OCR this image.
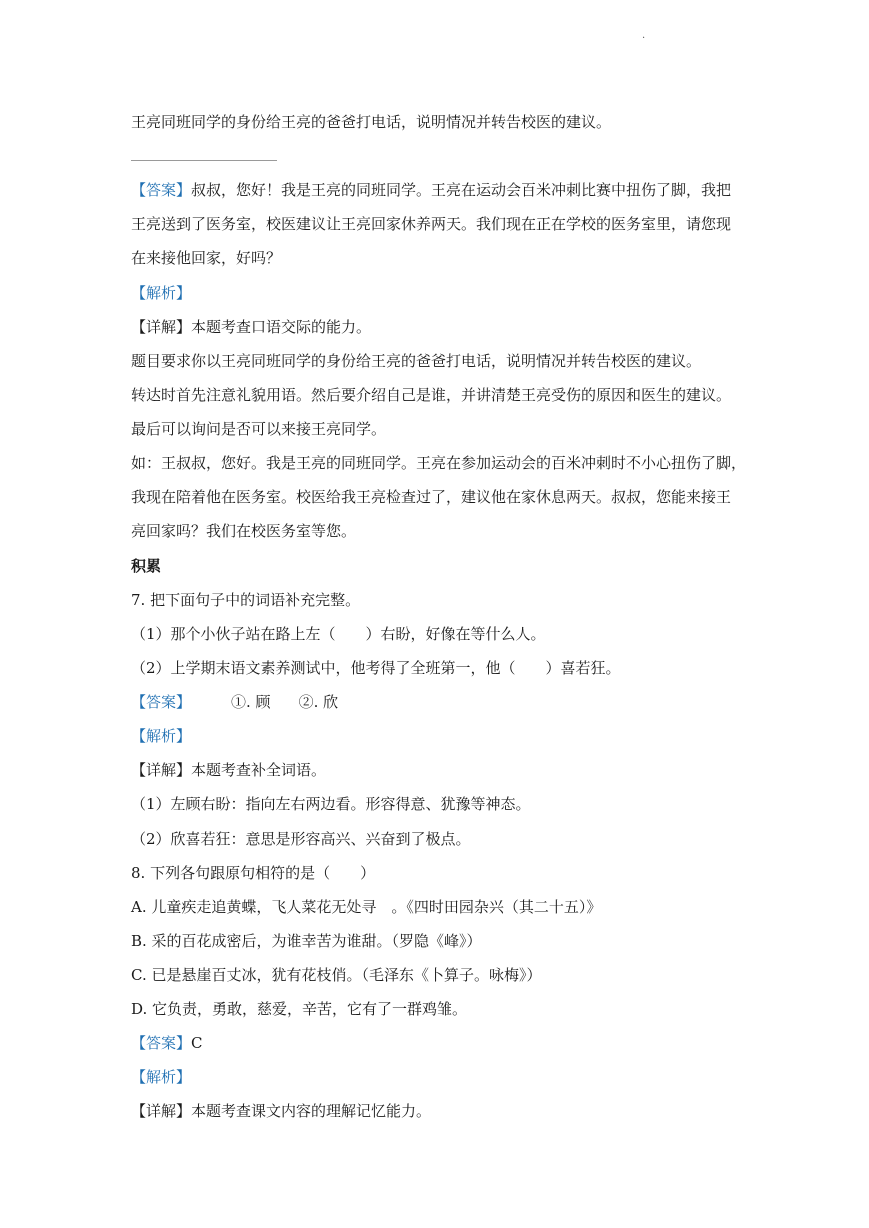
.
王亮同班同学的身份给王亮的爸爸打电话，说明情况并转告校医的建议。
【答案】叔叔，您好！我是王亮的同班同学。王亮在运动会百米冲刺比赛中扭伤了脚，我把
王亮送到了医务室，校医建议让王亮回家休养两天。我们现在正在学校的医务室里，请您现
在来接他回家，好吗？
【解析】
【详解】本题考查口语交际的能力。
题目要求你以王亮同班同学的身份给王亮的爸爸打电话，说明情况并转告校医的建议。
转达时首先注意礼貌用语。然后要介绍自己是谁，并讲清楚王亮受伤的原因和医生的建议。
最后可以询问是否可以来接王亮同学。
如：王叔叔，您好。我是王亮的同班同学。王亮在参加运动会的百米冲刺时不小心扭伤了脚，
我现在陪着他在医务室。校医给我王亮检查过了，建议他在家休息两天。叔叔，您能来接王
亮回家吗？我们在校医务室等您。
积累
7. 把下面句子中的词语补充完整。
（1）那个小伙子站在路上左（　　）右盼，好像在等什么人。
（2）上学期末语文素养测试中，他考得了全班第一，他（　　）喜若狂。
【答案】	①. 顾 ②. 欣
【解析】
【详解】本题考查补全词语。
（1）左顾右盼：指向左右两边看。形容得意、犹豫等神态。
（2）欣喜若狂：意思是形容高兴、兴奋到了极点。
8. 下列各句跟原句相符的是（　　）
A. 儿童疾走追黄蝶，飞人菜花无处寻　。《四时田园杂兴（其二十五）》
B. 采的百花成密后，为谁幸苦为谁甜。（罗隐《峰》）
C. 已是悬崖百丈冰，犹有花枝俏。（毛泽东《卜算子。咏梅》）
D. 它负责，勇敢，慈爱，辛苦，它有了一群鸡雏。
【答案】C
【解析】
【详解】本题考查课文内容的理解记忆能力。
